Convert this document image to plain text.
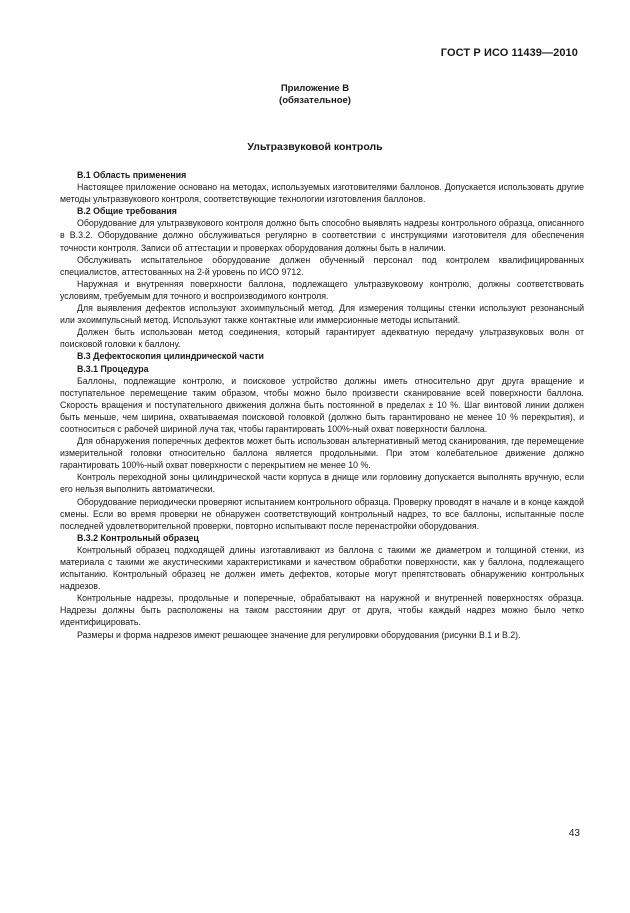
ГОСТ Р ИСО 11439—2010
Приложение В
(обязательное)
Ультразвуковой контроль
В.1 Область применения

Настоящее приложение основано на методах, используемых изготовителями баллонов. Допускается использовать другие методы ультразвукового контроля, соответствующие технологии изготовления баллонов.

В.2 Общие требования

Оборудование для ультразвукового контроля должно быть способно выявлять надрезы контрольного образца, описанного в В.3.2. Оборудование должно обслуживаться регулярно в соответствии с инструкциями изготовителя для обеспечения точности контроля. Записи об аттестации и проверках оборудования должны быть в наличии.

Обслуживать испытательное оборудование должен обученный персонал под контролем квалифицированных специалистов, аттестованных на 2-й уровень по ИСО 9712.

Наружная и внутренняя поверхности баллона, подлежащего ультразвуковому контролю, должны соответствовать условиям, требуемым для точного и воспроизводимого контроля.

Для выявления дефектов используют эхоимпульсный метод. Для измерения толщины стенки используют резонансный или эхоимпульсный метод. Используют также контактные или иммерсионные методы испытаний.

Должен быть использован метод соединения, который гарантирует адекватную передачу ультразвуковых волн от поисковой головки к баллону.

В.3 Дефектоскопия цилиндрической части
В.3.1 Процедура

Баллоны, подлежащие контролю, и поисковое устройство должны иметь относительно друг друга вращение и поступательное перемещение таким образом, чтобы можно было произвести сканирование всей поверхности баллона. Скорость вращения и поступательного движения должна быть постоянной в пределах ± 10 %. Шаг винтовой линии должен быть меньше, чем ширина, охватываемая поисковой головкой (должно быть гарантировано не менее 10 % перекрытия), и соотноситься с рабочей шириной луча так, чтобы гарантировать 100%-ный охват поверхности баллона.

Для обнаружения поперечных дефектов может быть использован альтернативный метод сканирования, где перемещение измерительной головки относительно баллона является продольными. При этом колебательное движение должно гарантировать 100%-ный охват поверхности с перекрытием не менее 10 %.

Контроль переходной зоны цилиндрической части корпуса в днище или горловину допускается выполнять вручную, если его нельзя выполнить автоматически.

Оборудование периодически проверяют испытанием контрольного образца. Проверку проводят в начале и в конце каждой смены. Если во время проверки не обнаружен соответствующий контрольный надрез, то все баллоны, испытанные после последней удовлетворительной проверки, повторно испытывают после перенастройки оборудования.

В.3.2 Контрольный образец

Контрольный образец подходящей длины изготавливают из баллона с такими же диаметром и толщиной стенки, из материала с такими же акустическими характеристиками и качеством обработки поверхности, как у баллона, подлежащего испытанию. Контрольный образец не должен иметь дефектов, которые могут препятствовать обнаружению контрольных надрезов.

Контрольные надрезы, продольные и поперечные, обрабатывают на наружной и внутренней поверхностях образца. Надрезы должны быть расположены на таком расстоянии друг от друга, чтобы каждый надрез можно было четко идентифицировать.

Размеры и форма надрезов имеют решающее значение для регулировки оборудования (рисунки В.1 и В.2).

43
